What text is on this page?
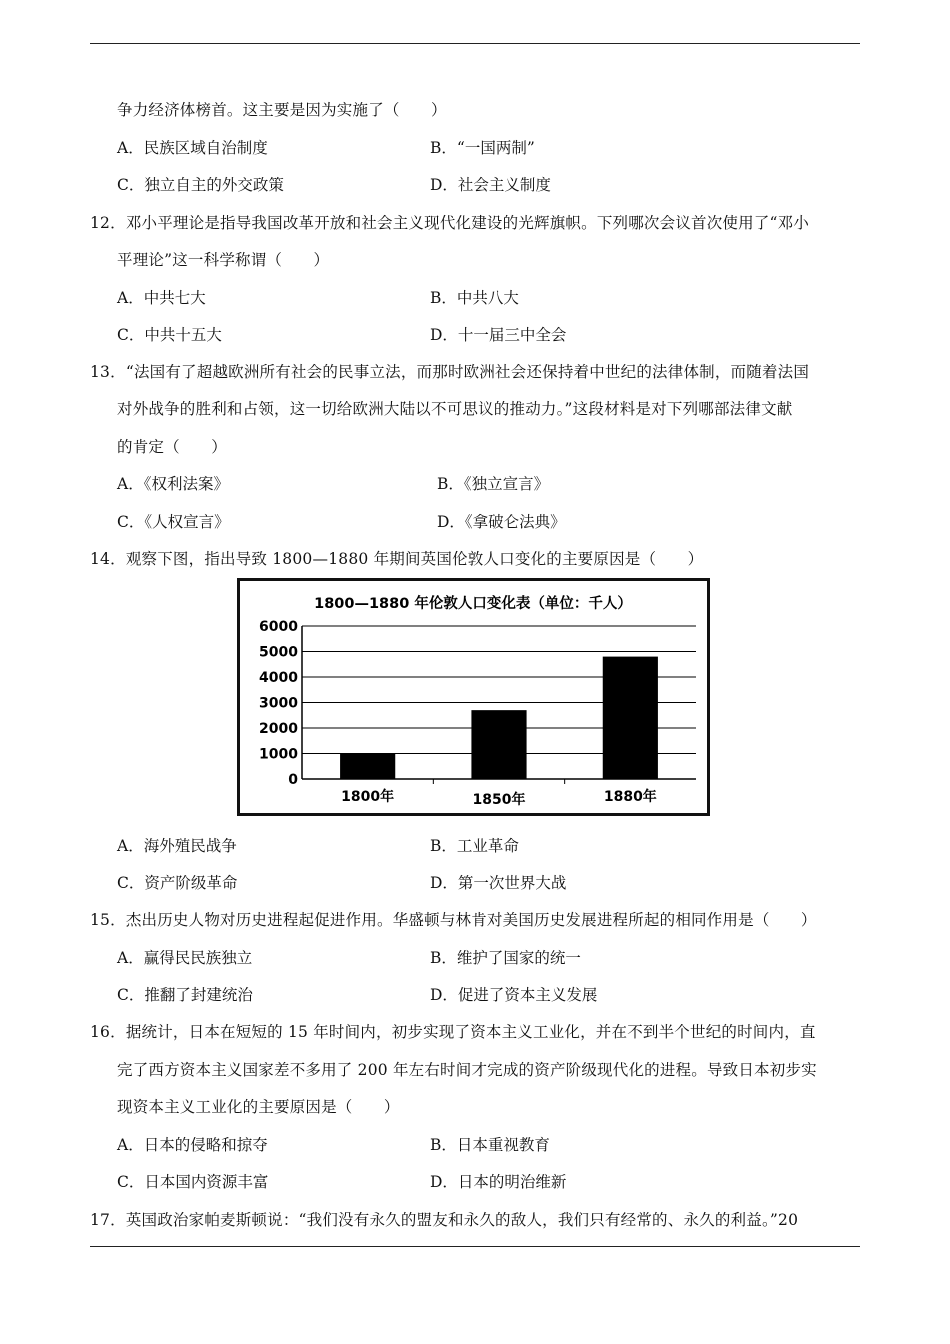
争力经济体榜首。这主要是因为实施了（　　）
A．民族区域自治制度	B．“一国两制”
C．独立自主的外交政策	D．社会主义制度
12．邓小平理论是指导我国改革开放和社会主义现代化建设的光辉旗帜。下列哪次会议首次使用了“邓小
平理论”这一科学称谓（　　）
A．中共七大	B．中共八大
C．中共十五大	D．十一届三中全会
13．“法国有了超越欧洲所有社会的民事立法，而那时欧洲社会还保持着中世纪的法律体制，而随着法国
对外战争的胜利和占领，这一切给欧洲大陆以不可思议的推动力。”这段材料是对下列哪部法律文献
的肯定（　　）
A．《权利法案》	B．《独立宣言》
C．《人权宣言》	D．《拿破仑法典》
14．观察下图，指出导致 1800—1880 年期间英国伦敦人口变化的主要原因是（　　）
1800—1880 年伦敦人口变化表（单位：千人）
0
1000
2000
3000
4000
5000
6000
1800年	1850年	1880年
A．海外殖民战争	B．工业革命
C．资产阶级革命	D．第一次世界大战
15．杰出历史人物对历史进程起促进作用。华盛顿与林肯对美国历史发展进程所起的相同作用是（　　）
A．赢得民民族独立	B．维护了国家的统一
C．推翻了封建统治	D．促进了资本主义发展
16．据统计，日本在短短的 15 年时间内，初步实现了资本主义工业化，并在不到半个世纪的时间内，直
完了西方资本主义国家差不多用了 200 年左右时间才完成的资产阶级现代化的进程。导致日本初步实
现资本主义工业化的主要原因是（　　）
A．日本的侵略和掠夺	B．日本重视教育
C．日本国内资源丰富	D．日本的明治维新
17．英国政治家帕麦斯顿说：“我们没有永久的盟友和永久的敌人，我们只有经常的、永久的利益。”20
